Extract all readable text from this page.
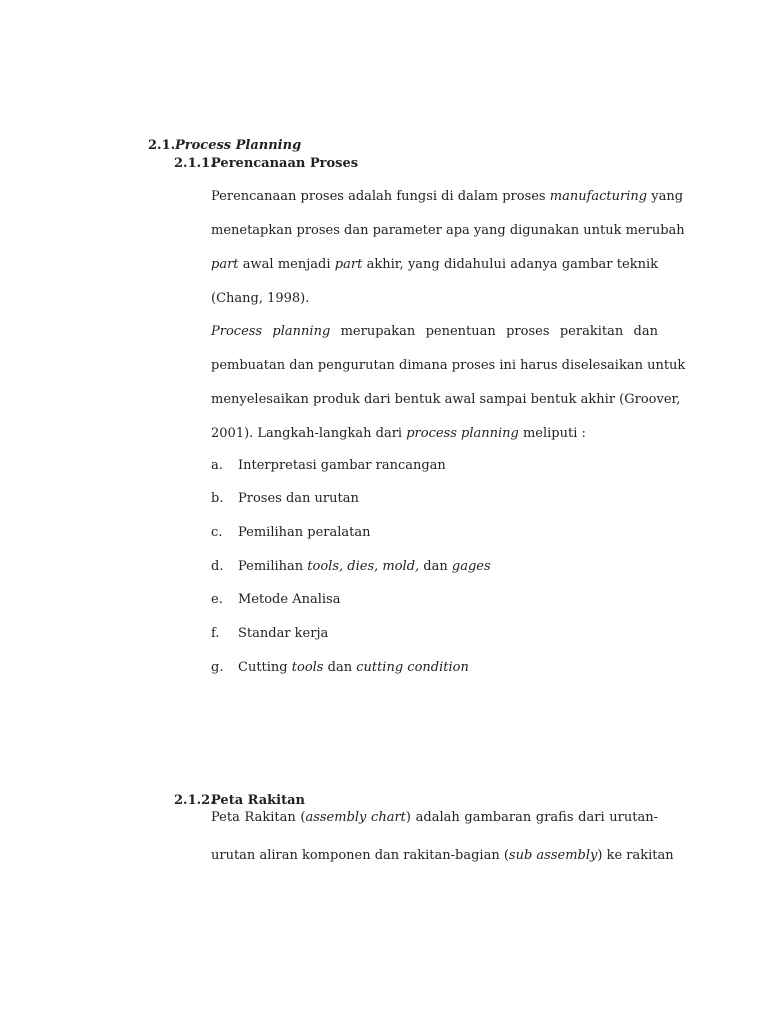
2.1.Process Planning
2.1.1.Perencanaan Proses
Perencanaan proses adalah fungsi di dalam proses manufacturing yang
menetapkan proses dan parameter apa yang digunakan untuk merubah
part awal menjadi part akhir, yang didahului adanya gambar teknik
(Chang, 1998).
Process planning merupakan penentuan proses perakitan dan
pembuatan dan pengurutan dimana proses ini harus diselesaikan untuk
menyelesaikan produk dari bentuk awal sampai bentuk akhir (Groover,
2001). Langkah-langkah dari process planning meliputi :
a. Interpretasi gambar rancangan
b. Proses dan urutan
c. Pemilihan peralatan
d. Pemilihan tools, dies, mold, dan gages
e. Metode Analisa
f. Standar kerja
g. Cutting tools dan cutting condition
2.1.2.Peta Rakitan
Peta Rakitan (assembly chart) adalah gambaran grafis dari urutan-
urutan aliran komponen dan rakitan-bagian (sub assembly) ke rakitan
